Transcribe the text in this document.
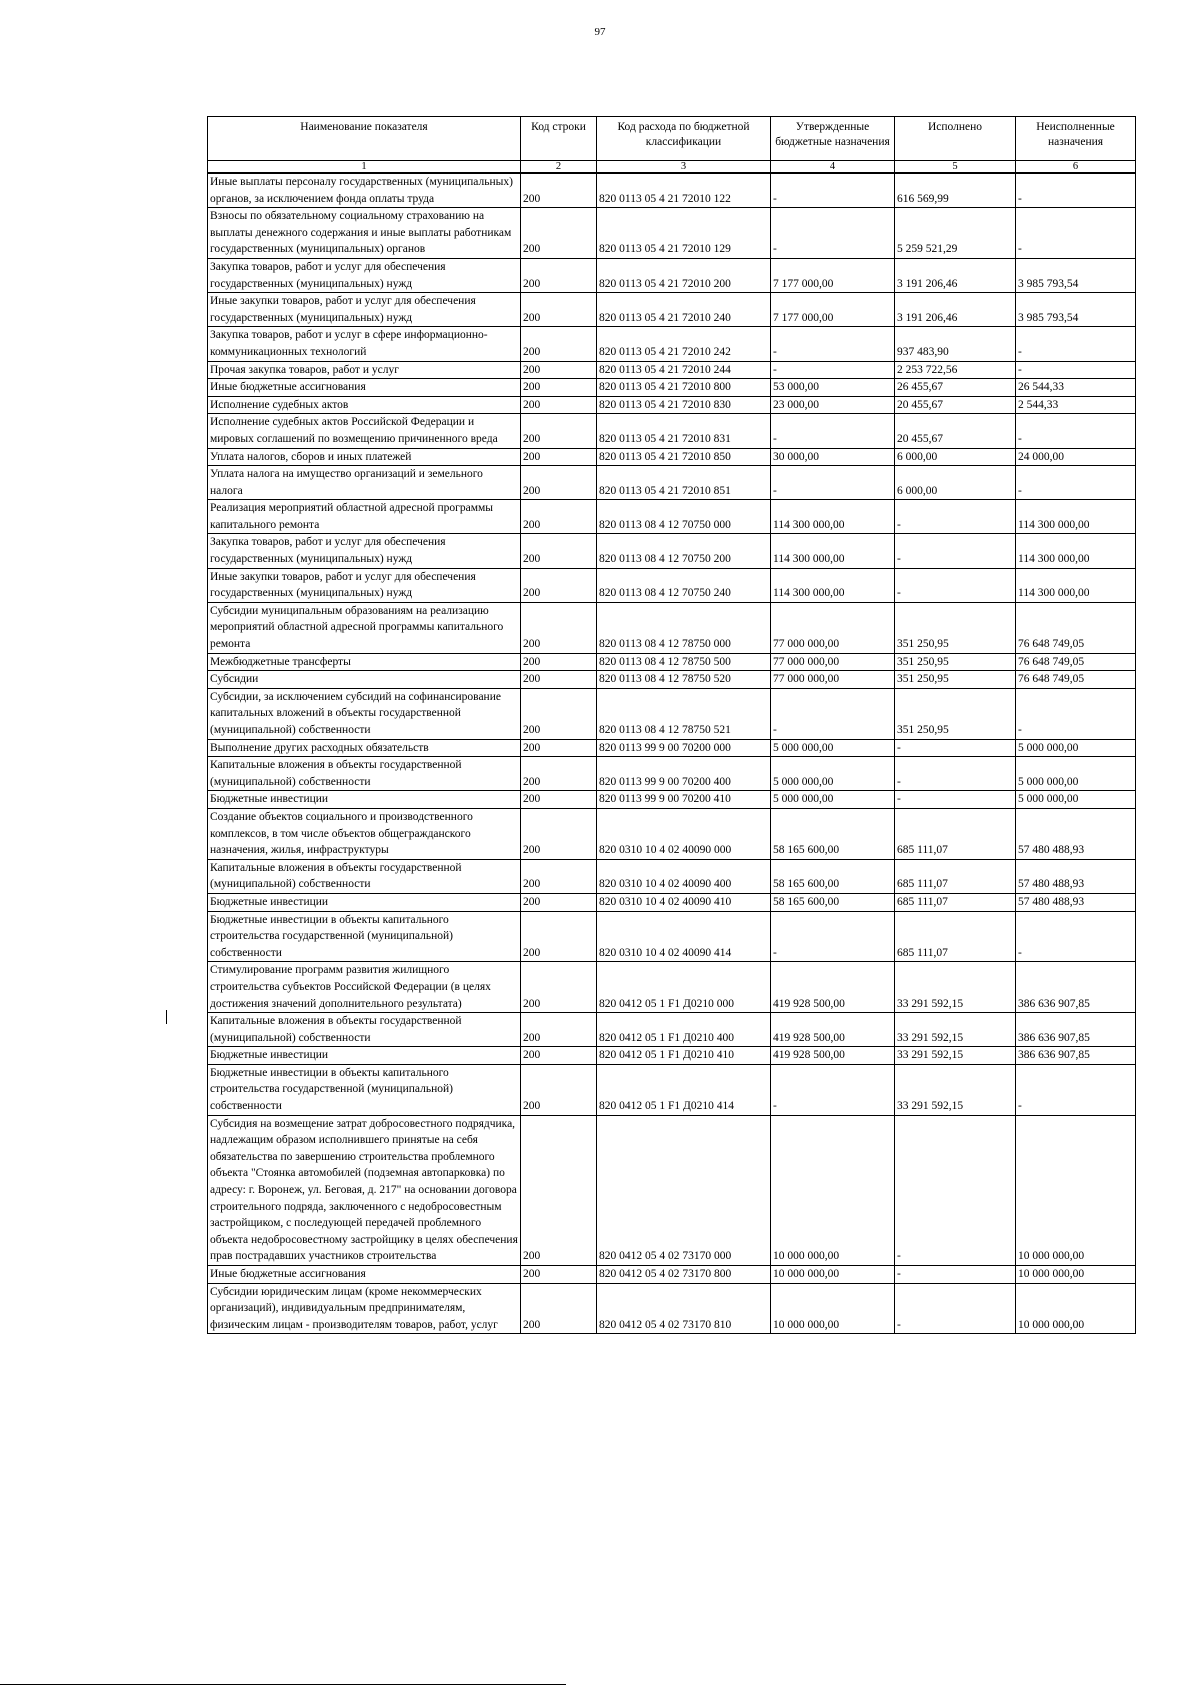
97
Наименование показателя	Код строки	Код расхода по бюджетной классификации	Утвержденные бюджетные назначения	Исполнено	Неисполненные назначения
1	2	3	4	5	6
Иные выплаты персоналу государственных (муниципальных) органов, за исключением фонда оплаты труда	200	820 0113 05 4 21 72010 122	-	616 569,99	-
Взносы по обязательному социальному страхованию на выплаты денежного содержания и иные выплаты работникам государственных (муниципальных) органов	200	820 0113 05 4 21 72010 129	-	5 259 521,29	-
Закупка товаров, работ и услуг для обеспечения государственных (муниципальных) нужд	200	820 0113 05 4 21 72010 200	7 177 000,00	3 191 206,46	3 985 793,54
Иные закупки товаров, работ и услуг для обеспечения государственных (муниципальных) нужд	200	820 0113 05 4 21 72010 240	7 177 000,00	3 191 206,46	3 985 793,54
Закупка товаров, работ и услуг в сфере информационно-коммуникационных технологий	200	820 0113 05 4 21 72010 242	-	937 483,90	-
Прочая закупка товаров, работ и услуг	200	820 0113 05 4 21 72010 244	-	2 253 722,56	-
Иные бюджетные ассигнования	200	820 0113 05 4 21 72010 800	53 000,00	26 455,67	26 544,33
Исполнение судебных актов	200	820 0113 05 4 21 72010 830	23 000,00	20 455,67	2 544,33
Исполнение судебных актов Российской Федерации и мировых соглашений по возмещению причиненного вреда	200	820 0113 05 4 21 72010 831	-	20 455,67	-
Уплата налогов, сборов и иных платежей	200	820 0113 05 4 21 72010 850	30 000,00	6 000,00	24 000,00
Уплата налога на имущество организаций и земельного налога	200	820 0113 05 4 21 72010 851	-	6 000,00	-
Реализация мероприятий областной адресной программы капитального ремонта	200	820 0113 08 4 12 70750 000	114 300 000,00	-	114 300 000,00
Закупка товаров, работ и услуг для обеспечения государственных (муниципальных) нужд	200	820 0113 08 4 12 70750 200	114 300 000,00	-	114 300 000,00
Иные закупки товаров, работ и услуг для обеспечения государственных (муниципальных) нужд	200	820 0113 08 4 12 70750 240	114 300 000,00	-	114 300 000,00
Субсидии муниципальным образованиям на реализацию мероприятий областной адресной программы капитального ремонта	200	820 0113 08 4 12 78750 000	77 000 000,00	351 250,95	76 648 749,05
Межбюджетные трансферты	200	820 0113 08 4 12 78750 500	77 000 000,00	351 250,95	76 648 749,05
Субсидии	200	820 0113 08 4 12 78750 520	77 000 000,00	351 250,95	76 648 749,05
Субсидии, за исключением субсидий на софинансирование капитальных вложений в объекты государственной (муниципальной) собственности	200	820 0113 08 4 12 78750 521	-	351 250,95	-
Выполнение других расходных обязательств	200	820 0113 99 9 00 70200 000	5 000 000,00	-	5 000 000,00
Капитальные вложения в объекты государственной (муниципальной) собственности	200	820 0113 99 9 00 70200 400	5 000 000,00	-	5 000 000,00
Бюджетные инвестиции	200	820 0113 99 9 00 70200 410	5 000 000,00	-	5 000 000,00
Создание объектов социального и производственного комплексов, в том числе объектов общегражданского назначения, жилья, инфраструктуры	200	820 0310 10 4 02 40090 000	58 165 600,00	685 111,07	57 480 488,93
Капитальные вложения в объекты государственной (муниципальной) собственности	200	820 0310 10 4 02 40090 400	58 165 600,00	685 111,07	57 480 488,93
Бюджетные инвестиции	200	820 0310 10 4 02 40090 410	58 165 600,00	685 111,07	57 480 488,93
Бюджетные инвестиции в объекты капитального строительства государственной (муниципальной) собственности	200	820 0310 10 4 02 40090 414	-	685 111,07	-
Стимулирование программ развития жилищного строительства субъектов Российской Федерации (в целях достижения значений дополнительного результата)	200	820 0412 05 1 F1 Д0210 000	419 928 500,00	33 291 592,15	386 636 907,85
Капитальные вложения в объекты государственной (муниципальной) собственности	200	820 0412 05 1 F1 Д0210 400	419 928 500,00	33 291 592,15	386 636 907,85
Бюджетные инвестиции	200	820 0412 05 1 F1 Д0210 410	419 928 500,00	33 291 592,15	386 636 907,85
Бюджетные инвестиции в объекты капитального строительства государственной (муниципальной) собственности	200	820 0412 05 1 F1 Д0210 414	-	33 291 592,15	-
Субсидия на возмещение затрат добросовестного подрядчика, надлежащим образом исполнившего принятые на себя обязательства по завершению строительства проблемного объекта "Стоянка автомобилей (подземная автопарковка) по адресу: г. Воронеж, ул. Беговая, д. 217" на основании договора строительного подряда, заключенного с недобросовестным застройщиком, с последующей передачей проблемного объекта недобросовестному застройщику в целях обеспечения прав пострадавших участников строительства	200	820 0412 05 4 02 73170 000	10 000 000,00	-	10 000 000,00
Иные бюджетные ассигнования	200	820 0412 05 4 02 73170 800	10 000 000,00	-	10 000 000,00
Субсидии юридическим лицам (кроме некоммерческих организаций), индивидуальным предпринимателям, физическим лицам - производителям товаров, работ, услуг	200	820 0412 05 4 02 73170 810	10 000 000,00	-	10 000 000,00
